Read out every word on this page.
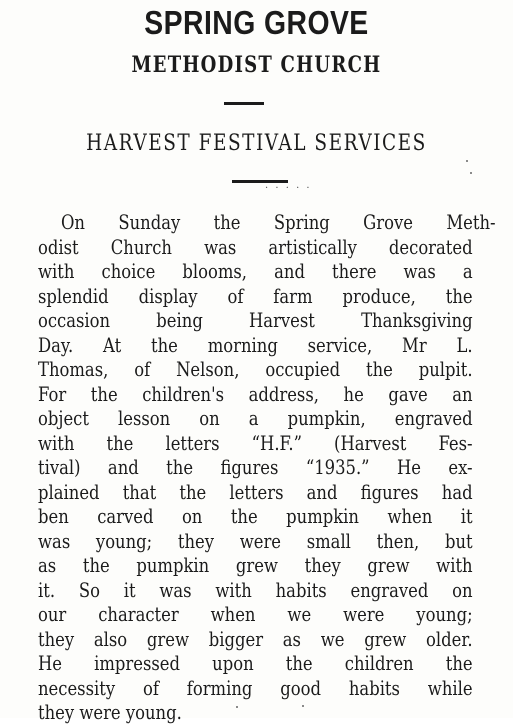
SPRING GROVE
METHODIST CHURCH
HARVEST FESTIVAL SERVICES
· · · · ·
On Sunday the Spring Grove Meth-
odist Church was artistically decorated
with choice blooms, and there was a
splendid display of farm produce, the
occasion being Harvest Thanksgiving
Day. At the morning service, Mr L.
Thomas, of Nelson, occupied the pulpit.
For the children's address, he gave an
object lesson on a pumpkin, engraved
with the letters “H.F.” (Harvest Fes-
tival) and the figures “1935.” He ex-
plained that the letters and figures had
ben carved on the pumpkin when it
was young; they were small then, but
as the pumpkin grew they grew with
it. So it was with habits engraved on
our character when we were young;
they also grew bigger as we grew older.
He impressed upon the children the
necessity of forming good habits while
they were young.
